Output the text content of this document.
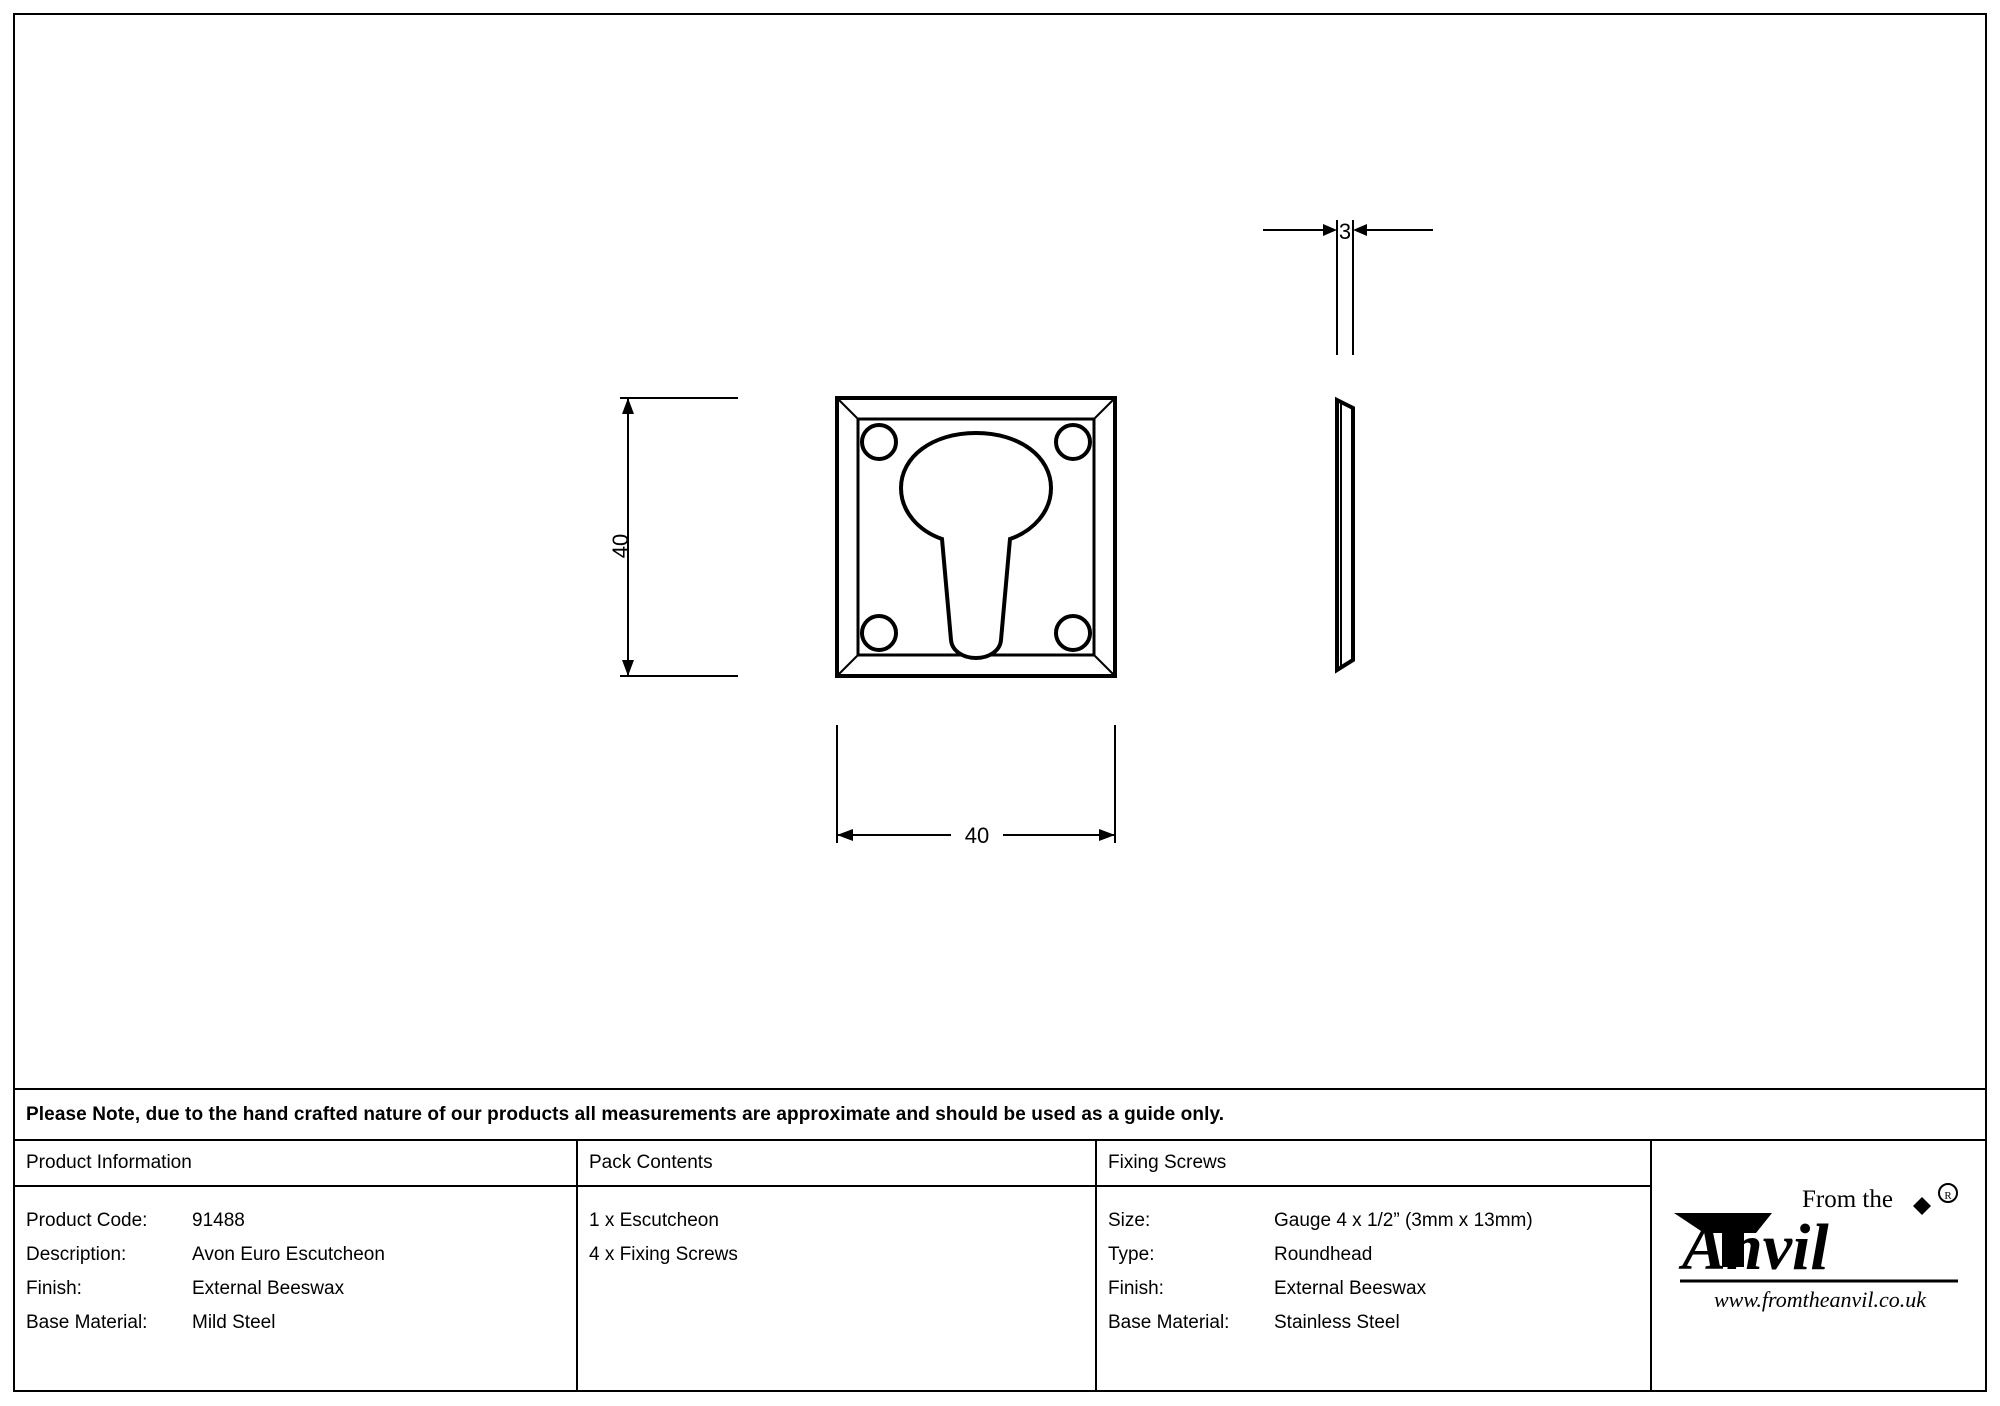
3
40
40
Please Note, due to the hand crafted nature of our products all measurements are approximate and should be used as a guide only.
Product Information
Product Code:	91488
Description:	Avon Euro Escutcheon
Finish:	External Beeswax
Base Material:	Mild Steel
Pack Contents
1 x Escutcheon
4 x Fixing Screws
Fixing Screws
Size:	Gauge 4 x 1/2” (3mm x 13mm)
Type:	Roundhead
Finish:	External Beeswax
Base Material:	Stainless Steel
From the
Anvil
R
www.fromtheanvil.co.uk
